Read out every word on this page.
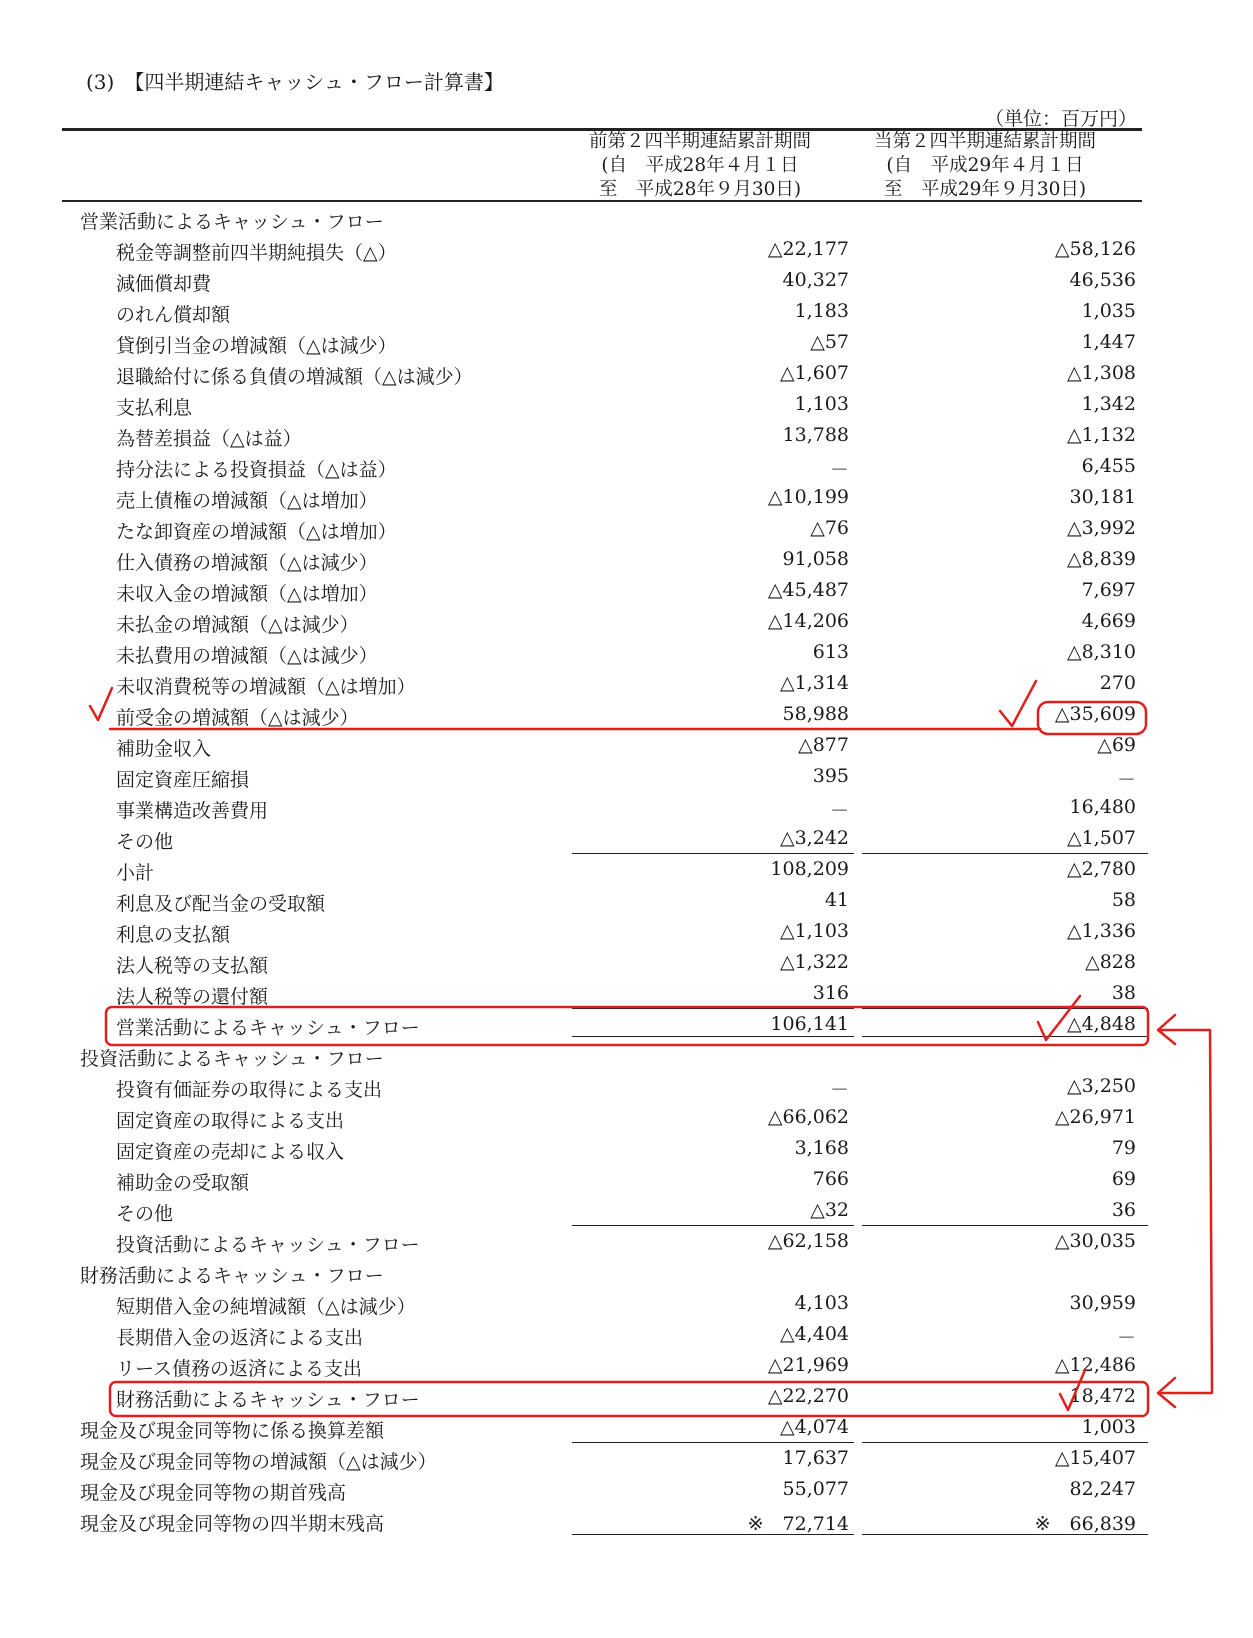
(3)　【四半期連結キャッシュ・フロー計算書】
（単位：百万円）
前第２四半期連結累計期間
(自　平成28年４月１日
至　平成28年９月30日)
当第２四半期連結累計期間
(自　平成29年４月１日
至　平成29年９月30日)
営業活動によるキャッシュ・フロー
税金等調整前四半期純損失（△）	△22,177	△58,126
減価償却費	40,327	46,536
のれん償却額	1,183	1,035
貸倒引当金の増減額（△は減少）	△57	1,447
退職給付に係る負債の増減額（△は減少）	△1,607	△1,308
支払利息	1,103	1,342
為替差損益（△は益）	13,788	△1,132
持分法による投資損益（△は益）	－	6,455
売上債権の増減額（△は増加）	△10,199	30,181
たな卸資産の増減額（△は増加）	△76	△3,992
仕入債務の増減額（△は減少）	91,058	△8,839
未収入金の増減額（△は増加）	△45,487	7,697
未払金の増減額（△は減少）	△14,206	4,669
未払費用の増減額（△は減少）	613	△8,310
未収消費税等の増減額（△は増加）	△1,314	270
前受金の増減額（△は減少）	58,988	△35,609
補助金収入	△877	△69
固定資産圧縮損	395	－
事業構造改善費用	－	16,480
その他	△3,242	△1,507
小計	108,209	△2,780
利息及び配当金の受取額	41	58
利息の支払額	△1,103	△1,336
法人税等の支払額	△1,322	△828
法人税等の還付額	316	38
営業活動によるキャッシュ・フロー	106,141	△4,848
投資活動によるキャッシュ・フロー
投資有価証券の取得による支出	－	△3,250
固定資産の取得による支出	△66,062	△26,971
固定資産の売却による収入	3,168	79
補助金の受取額	766	69
その他	△32	36
投資活動によるキャッシュ・フロー	△62,158	△30,035
財務活動によるキャッシュ・フロー
短期借入金の純増減額（△は減少）	4,103	30,959
長期借入金の返済による支出	△4,404	－
リース債務の返済による支出	△21,969	△12,486
財務活動によるキャッシュ・フロー	△22,270	18,472
現金及び現金同等物に係る換算差額	△4,074	1,003
現金及び現金同等物の増減額（△は減少）	17,637	△15,407
現金及び現金同等物の期首残高	55,077	82,247
現金及び現金同等物の四半期末残高	※　72,714	※　66,839
